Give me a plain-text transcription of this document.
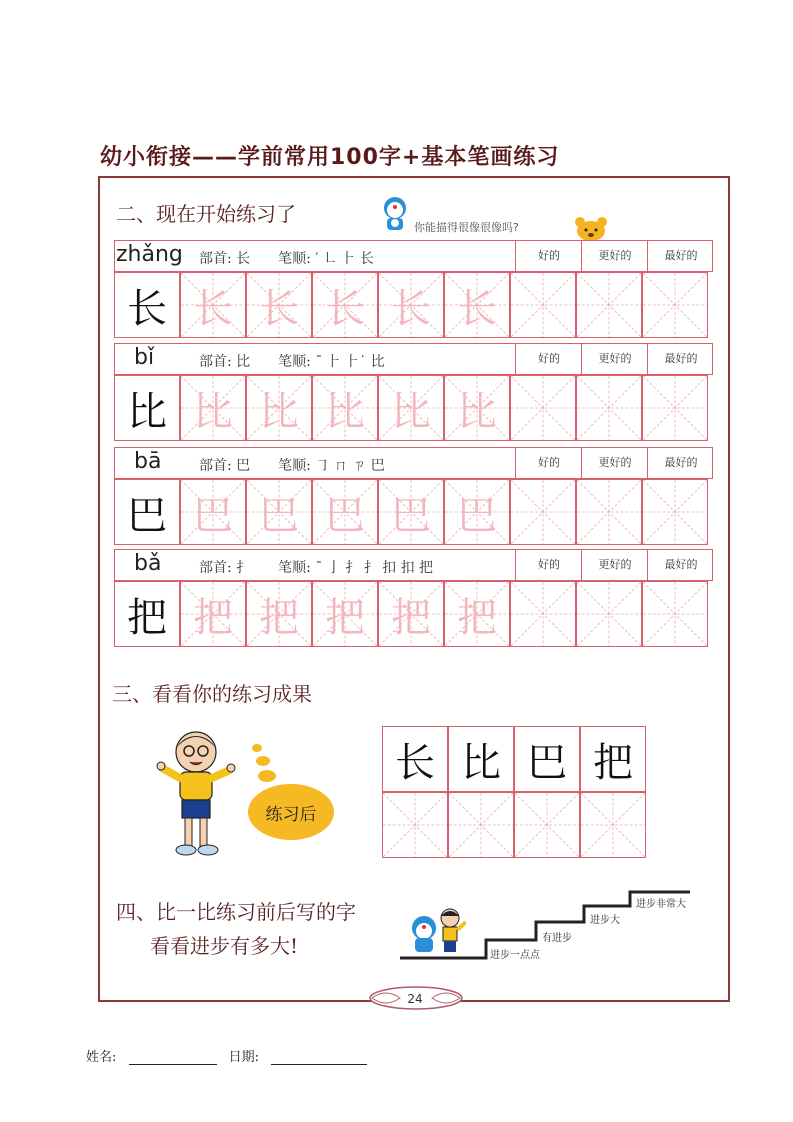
幼小衔接——学前常用100字+基本笔画练习
二、现在开始练习了
你能描得很像很像吗?
部首: 长 笔顺: ′ ㇗ ⺊ 长
zhǎng	好的	更好的	最好的
长 长 长 长 长 长
部首: 比 笔顺: ˉ ⺊ ⺊˙ 比
bǐ	好的	更好的	最好的
比 比 比 比 比 比
部首: 巴 笔顺: ㇆ ㄇ ㄗ 巴
bā	好的	更好的	最好的
巴 巴 巴 巴 巴 巴
部首: 扌 笔顺: ˉ 亅 扌 扌 扣 扣 把
bǎ	好的	更好的	最好的
把 把 把 把 把 把
三、看看你的练习成果
练习后
长 比 巴 把
四、比一比练习前后写的字
看看进步有多大!	进步一点点
有进步
进步大
进步非常大
24
姓名:	日期:
